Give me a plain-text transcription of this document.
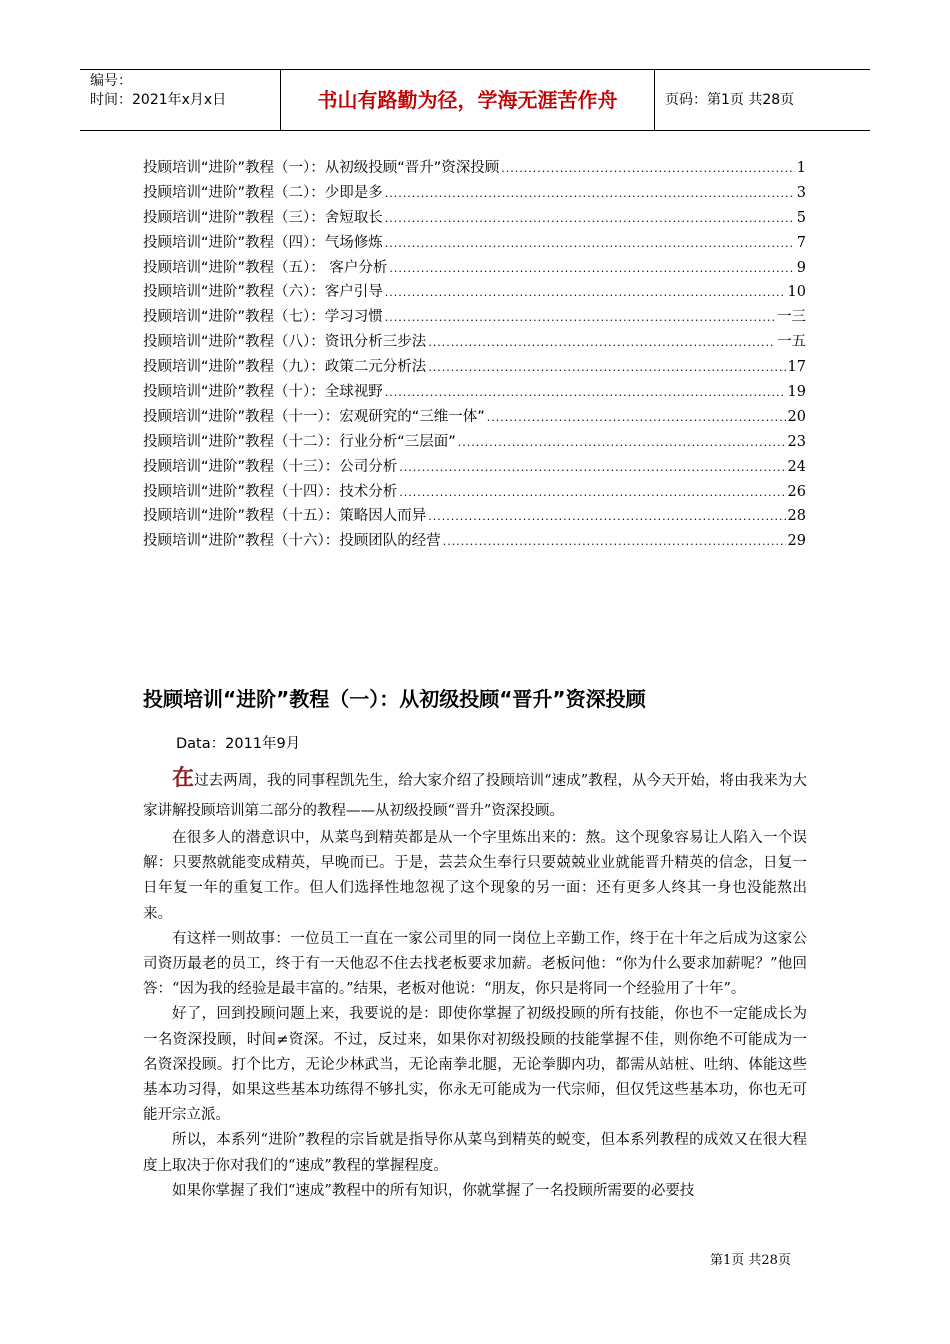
编号：
时间：2021年x月x日	书山有路勤为径，学海无涯苦作舟	页码：第1页 共28页
投顾培训“进阶”教程（一）：从初级投顾“晋升”资深投顾 .....	1
投顾培训“进阶”教程（二）：少即是多 .....	3
投顾培训“进阶”教程（三）：舍短取长 .....	5
投顾培训“进阶”教程（四）：气场修炼 .....	7
投顾培训“进阶”教程（五）： 客户分析 .....	9
投顾培训“进阶”教程（六）：客户引导 .....	10
投顾培训“进阶”教程（七）：学习习惯 .....	一三
投顾培训“进阶”教程（八）：资讯分析三步法 .....	一五
投顾培训“进阶”教程（九）：政策二元分析法 .....	17
投顾培训“进阶”教程（十）：全球视野 .....	19
投顾培训“进阶”教程（十一）：宏观研究的“三维一体” .....	20
投顾培训“进阶”教程（十二）：行业分析“三层面” .....	23
投顾培训“进阶”教程（十三）：公司分析 .....	24
投顾培训“进阶”教程（十四）：技术分析 .....	26
投顾培训“进阶”教程（十五）：策略因人而异 .....	28
投顾培训“进阶”教程（十六）：投顾团队的经营 .....	29
投顾培训“进阶”教程（一）：从初级投顾“晋升”资深投顾
Data：2011年9月

在过去两周，我的同事程凯先生，给大家介绍了投顾培训“速成”教程，从今天开始，将由我来为大家讲解投顾培训第二部分的教程——从初级投顾“晋升”资深投顾。

在很多人的潜意识中，从菜鸟到精英都是从一个字里炼出来的：熬。这个现象容易让人陷入一个误解：只要熬就能变成精英，早晚而已。于是，芸芸众生奉行只要兢兢业业就能晋升精英的信念，日复一日年复一年的重复工作。但人们选择性地忽视了这个现象的另一面：还有更多人终其一身也没能熬出来。

有这样一则故事：一位员工一直在一家公司里的同一岗位上辛勤工作，终于在十年之后成为这家公司资历最老的员工，终于有一天他忍不住去找老板要求加薪。老板问他：“你为什么要求加薪呢？”他回答：“因为我的经验是最丰富的。”结果，老板对他说：“朋友，你只是将同一个经验用了十年”。

好了，回到投顾问题上来，我要说的是：即使你掌握了初级投顾的所有技能，你也不一定能成长为一名资深投顾，时间≠资深。不过，反过来，如果你对初级投顾的技能掌握不佳，则你绝不可能成为一名资深投顾。打个比方，无论少林武当，无论南拳北腿，无论拳脚内功，都需从站桩、吐纳、体能这些基本功习得，如果这些基本功练得不够扎实，你永无可能成为一代宗师，但仅凭这些基本功，你也无可能开宗立派。

所以，本系列“进阶”教程的宗旨就是指导你从菜鸟到精英的蜕变，但本系列教程的成效又在很大程度上取决于你对我们的“速成”教程的掌握程度。

如果你掌握了我们“速成”教程中的所有知识，你就掌握了一名投顾所需要的必要技

第1页 共28页
